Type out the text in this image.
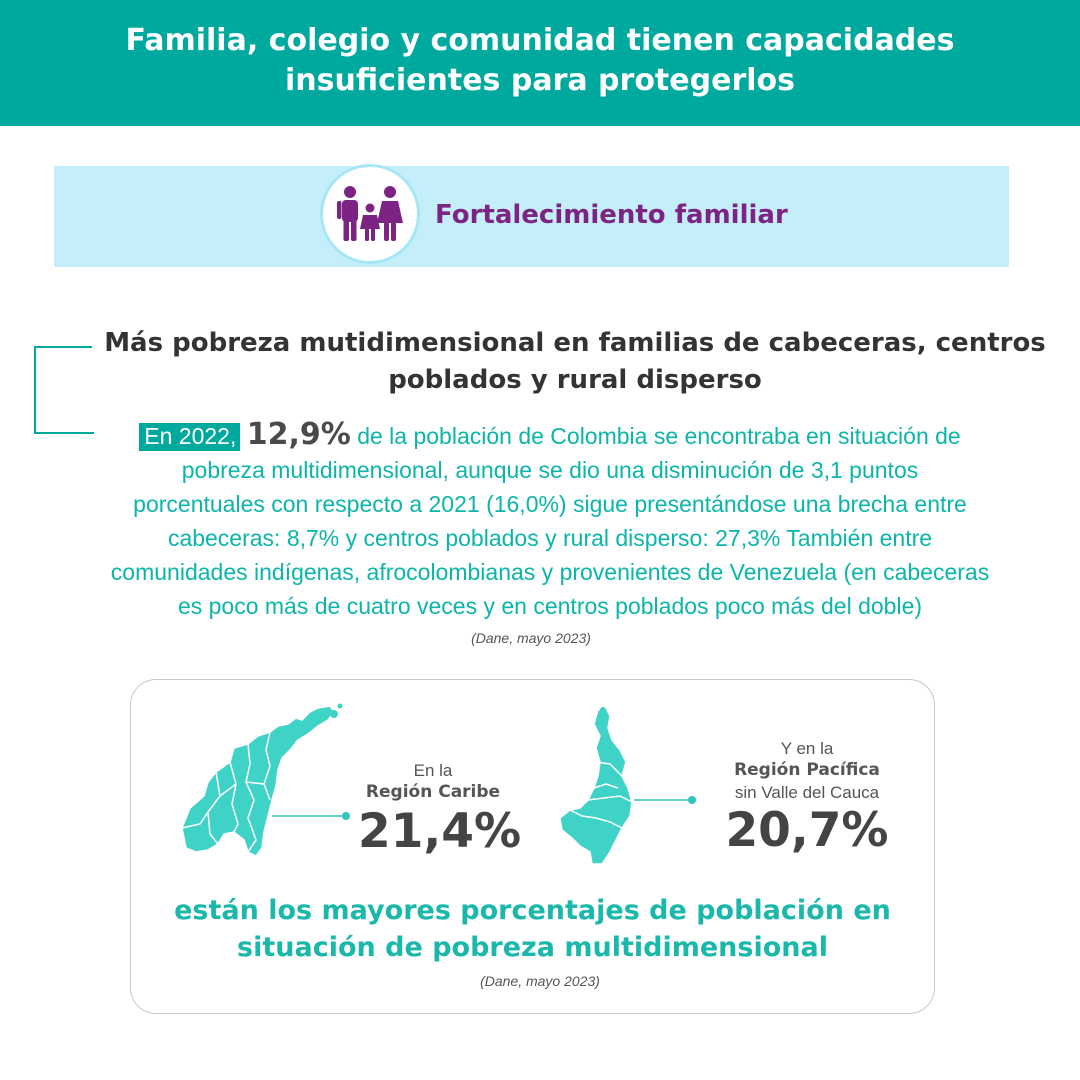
Familia, colegio y comunidad tienen capacidades
insuficientes para protegerlos
Fortalecimiento familiar
Más pobreza mutidimensional en familias de cabeceras, centros
poblados y rural disperso
En 2022, 12,9% de la población de Colombia se encontraba en situación de
pobreza multidimensional, aunque se dio una disminución de 3,1 puntos
porcentuales con respecto a 2021 (16,0%) sigue presentándose una brecha entre
cabeceras: 8,7% y centros poblados y rural disperso: 27,3% También entre
comunidades indígenas, afrocolombianas y provenientes de Venezuela (en cabeceras
es poco más de cuatro veces y en centros poblados poco más del doble)
(Dane, mayo 2023)
En la
Región Caribe
21,4%
Y en la
Región Pacífica
sin Valle del Cauca
20,7%
están los mayores porcentajes de población en
situación de pobreza multidimensional
(Dane, mayo 2023)
